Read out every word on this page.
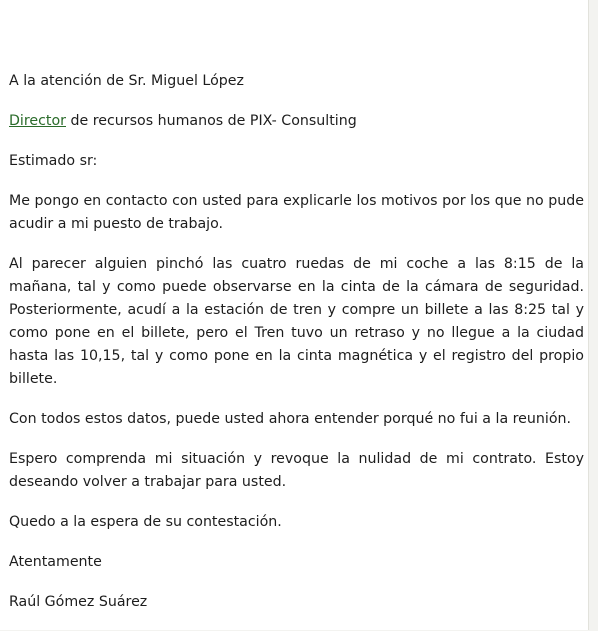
A la atención de Sr. Miguel López

Director de recursos humanos de PIX- Consulting

Estimado sr:

Me pongo en contacto con usted para explicarle los motivos por los que no pude acudir a mi puesto de trabajo.

Al parecer alguien pinchó las cuatro ruedas de mi coche a las 8:15 de la mañana, tal y como puede observarse en la cinta de la cámara de seguridad. Posteriormente, acudí a la estación de tren y compre un billete a las 8:25 tal y como pone en el billete, pero el Tren tuvo un retraso y no llegue a la ciudad hasta las 10,15, tal y como pone en la cinta magnética y el registro del propio billete.

Con todos estos datos, puede usted ahora entender porqué no fui a la reunión.

Espero comprenda mi situación y revoque la nulidad de mi contrato. Estoy deseando volver a trabajar para usted.

Quedo a la espera de su contestación.

Atentamente

Raúl Gómez Suárez
